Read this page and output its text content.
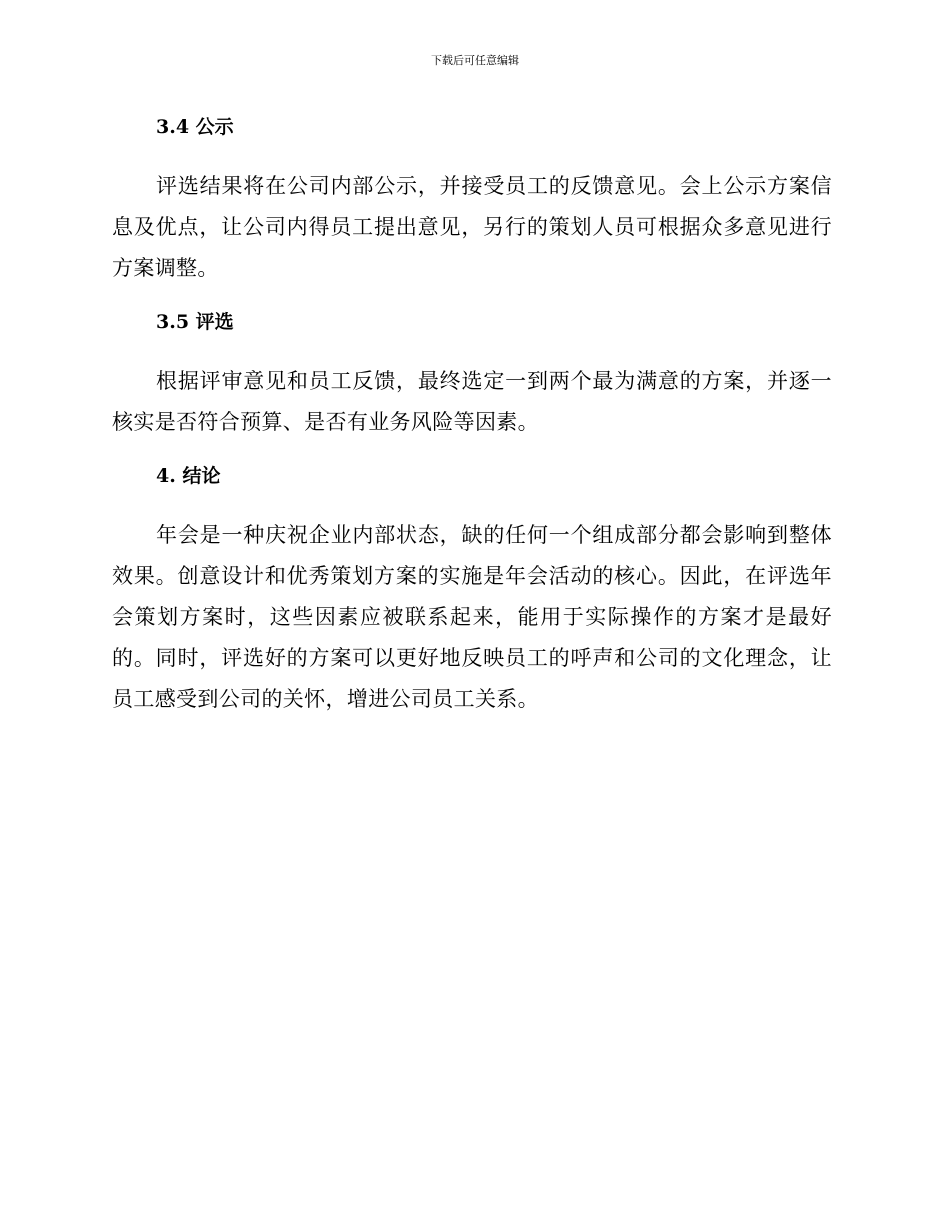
下载后可任意编辑
3.4 公示

评选结果将在公司内部公示，并接受员工的反馈意见。会上公示方案信息及优点，让公司内得员工提出意见，另行的策划人员可根据众多意见进行方案调整。

3.5 评选

根据评审意见和员工反馈，最终选定一到两个最为满意的方案，并逐一核实是否符合预算、是否有业务风险等因素。

4. 结论

年会是一种庆祝企业内部状态，缺的任何一个组成部分都会影响到整体效果。创意设计和优秀策划方案的实施是年会活动的核心。因此，在评选年会策划方案时，这些因素应被联系起来，能用于实际操作的方案才是最好的。同时，评选好的方案可以更好地反映员工的呼声和公司的文化理念，让员工感受到公司的关怀，增进公司员工关系。
